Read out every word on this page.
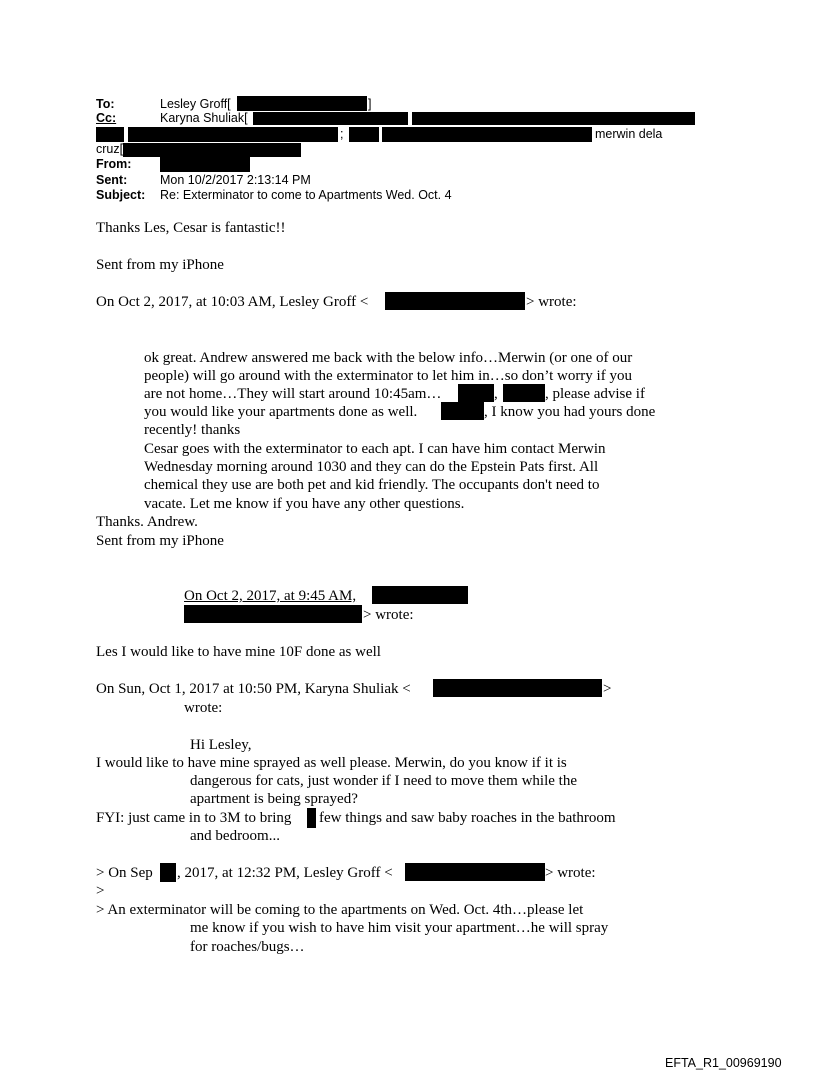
To:	Lesley Groff[	]
Cc:	Karyna Shuliak[
;	merwin dela
cruz[
From:
Sent:	Mon 10/2/2017 2:13:14 PM
Subject: Re: Exterminator to come to Apartments Wed. Oct. 4
Thanks Les, Cesar is fantastic!!
Sent from my iPhone
On Oct 2, 2017, at 10:03 AM, Lesley Groff <	> wrote:
ok great. Andrew answered me back with the below info…Merwin (or one of our
people) will go around with the exterminator to let him in…so don’t worry if you
are not home…They will start around 10:45am…	,	, please advise if
you would like your apartments done as well.	, I know you had yours done
recently! thanks
Cesar goes with the exterminator to each apt. I can have him contact Merwin
Wednesday morning around 1030 and they can do the Epstein Pats first. All
chemical they use are both pet and kid friendly. The occupants don't need to
vacate. Let me know if you have any other questions.
Thanks. Andrew.
Sent from my iPhone
On Oct 2, 2017, at 9:45 AM,
> wrote:
Les I would like to have mine 10F done as well
On Sun, Oct 1, 2017 at 10:50 PM, Karyna Shuliak <	>
wrote:
Hi Lesley,
I would like to have mine sprayed as well please. Merwin, do you know if it is
dangerous for cats, just wonder if I need to move them while the
apartment is being sprayed?
FYI: just came in to 3M to bring few things and saw baby roaches in the bathroom
and bedroom...
> On Sep , 2017, at 12:32 PM, Lesley Groff <	> wrote:
>
> An exterminator will be coming to the apartments on Wed. Oct. 4th…please let
me know if you wish to have him visit your apartment…he will spray
for roaches/bugs…
EFTA_R1_00969190
